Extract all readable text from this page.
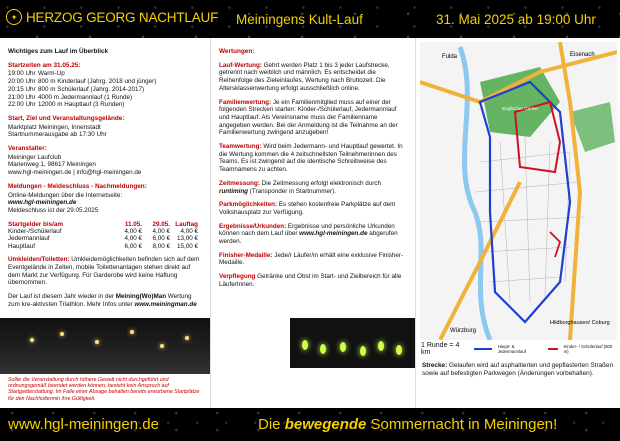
✦ HERZOG GEORG NACHTLAUF Meiningens Kult-Lauf	31. Mai 2025 ab 19:00 Uhr
Wichtiges zum Lauf im Überblick
Startzeiten am 31.05.25:
19:00 Uhr Warm-Up
20:00 Uhr 800 m Kinderlauf (Jahrg. 2018 und jünger)
20:15 Uhr 800 m Schülerlauf (Jahrg. 2014-2017)
21:00 Uhr 4000 m Jedermannlauf (1 Runde)
22:00 Uhr 12000 m Hauptlauf (3 Runden)
Start, Ziel und Veranstaltungsgelände:
Marktplatz Meiningen, Innenstadt
Startnummerausgabe ab 17:30 Uhr
Veranstalter:
Meininger Laufclub
Marienweg 1, 98617 Meiningen
www.hgl-meiningen.de | info@hgl-meiningen.de
Meldungen - Meldeschluss - Nachmeldungen:
Online-Meldungen über die Internetseite:
www.hgl-meiningen.de
Meldeschluss ist der 29.05.2025
Startgelder bis/am	11.05.	29.05.	Lauftag
Kinder-/Schülerlauf	4,00 €	4,00 €	4,00 €
Jedermannlauf	4,00 €	6,00 €	13,00 €
Hauptlauf	6,00 €	8,00 €	15,00 €
Umkleiden/Toiletten: Umkleidemöglichkeiten befinden sich auf dem Eventgelände in Zelten, mobile Toilettenanlagen stehen direkt auf dem Markt zur Verfügung. Für Garderobe wird keine Haftung übernommen.
Der Lauf ist diesem Jahr wieder in der Meining(Wo)Man Wertung zum kre-aktivsten Triathlon. Mehr Infos unter www.meiningman.de
Sollte die Veranstaltung durch höhere Gewalt nicht durchgeführt und ordnungsgemäß beendet werden können, besteht kein Anspruch auf Startgelderstattung. Im Falle einer Absage behalten bereits erworbene Startplätze für den Nachholtermin ihre Gültigkeit.
Wertungen:
Lauf-Wertung: Gehrt werden Platz 1 bis 3 jeder Laufstrecke, getrennt nach weiblich und männlich. Es entscheidet die Reihenfolge des Zieleinlaufes, Wertung nach Bruttozeit. Die Altersklassenwertung erfolgt ausschließlich online.
Familienwertung: Je ein Familienmitglied muss auf einer der folgenden Strecken starten: Kinder-/Schülerlauf, Jedermannlauf und Hauptlauf. Als Vereinsname muss der Familienname angegeben werden. Bei der Anmeldung ist die Teilnahme an der Familienwertung zwingend anzugeben!
Teamwertung: Wird beim Jedermann- und Hauptlauf gewertet. In die Wertung kommen die 4 zeitschnellsten Teilnehmerinnen des Teams. Es ist zwingend auf die identische Schreibweise des Teamnamens zu achten.
Zeitmessung: Die Zeitmessung erfolgt elektronisch durch runtiming (Transponder in Startnummer).
Parkmöglichkeiten: Es stehen kostenfreie Parkplätze auf dem Volkshausplatz zur Verfügung.
Ergebnisse/Urkunden: Ergebnisse und persönliche Urkunden können nach dem Lauf über www.hgl-meiningen.de abgerufen werden.
Finisher-Medaille: Jede/r Läufer/in erhält eine exklusive Finisher-Medaille.
Verpflegung Getränke und Obst im Start- und Zielbereich für alle LäuferInnen.
Fulda	Eisenach
Würzburg
Hildburghausen/ Coburg
Englischer Garten
1 Runde = 4 km
Haupt- & Jedermannlauf
Kinder- / Schülerlauf (800 m)
Strecke: Gelaufen wird auf asphaltierten und gepflasterten Straßen sowie auf befestigten Parkwegen (Änderungen vorbehalten).
www.hgl-meiningen.de	Die bewegende Sommernacht in Meiningen!
